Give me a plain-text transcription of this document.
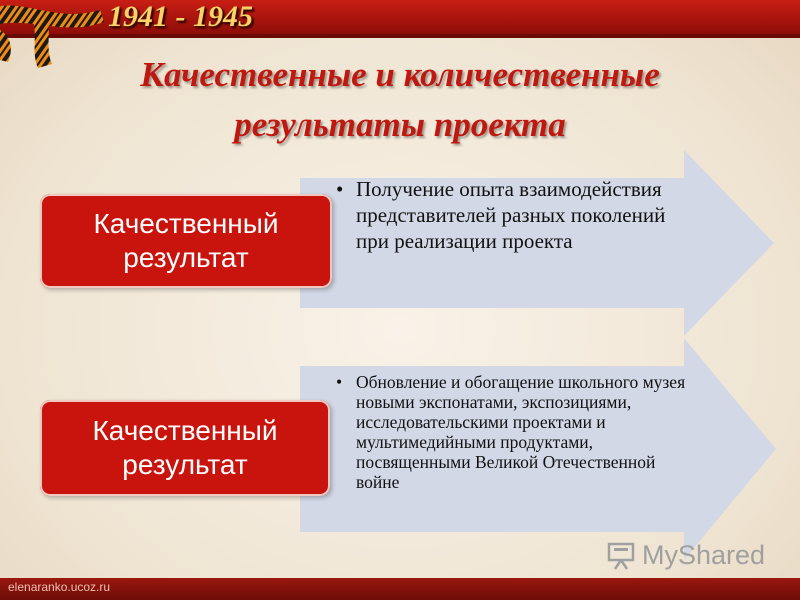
1941 - 1945
Качественные и количественные
результаты проекта
Качественный
результат
• Получение опыта взаимодействия представителей разных поколений при реализации проекта
Качественный
результат
• Обновление и обогащение школьного музея новыми экспонатами, экспозициями, исследовательскими проектами и мультимедийными продуктами, посвященными Великой Отечественной войне
MyShared
elenaranko.ucoz.ru
